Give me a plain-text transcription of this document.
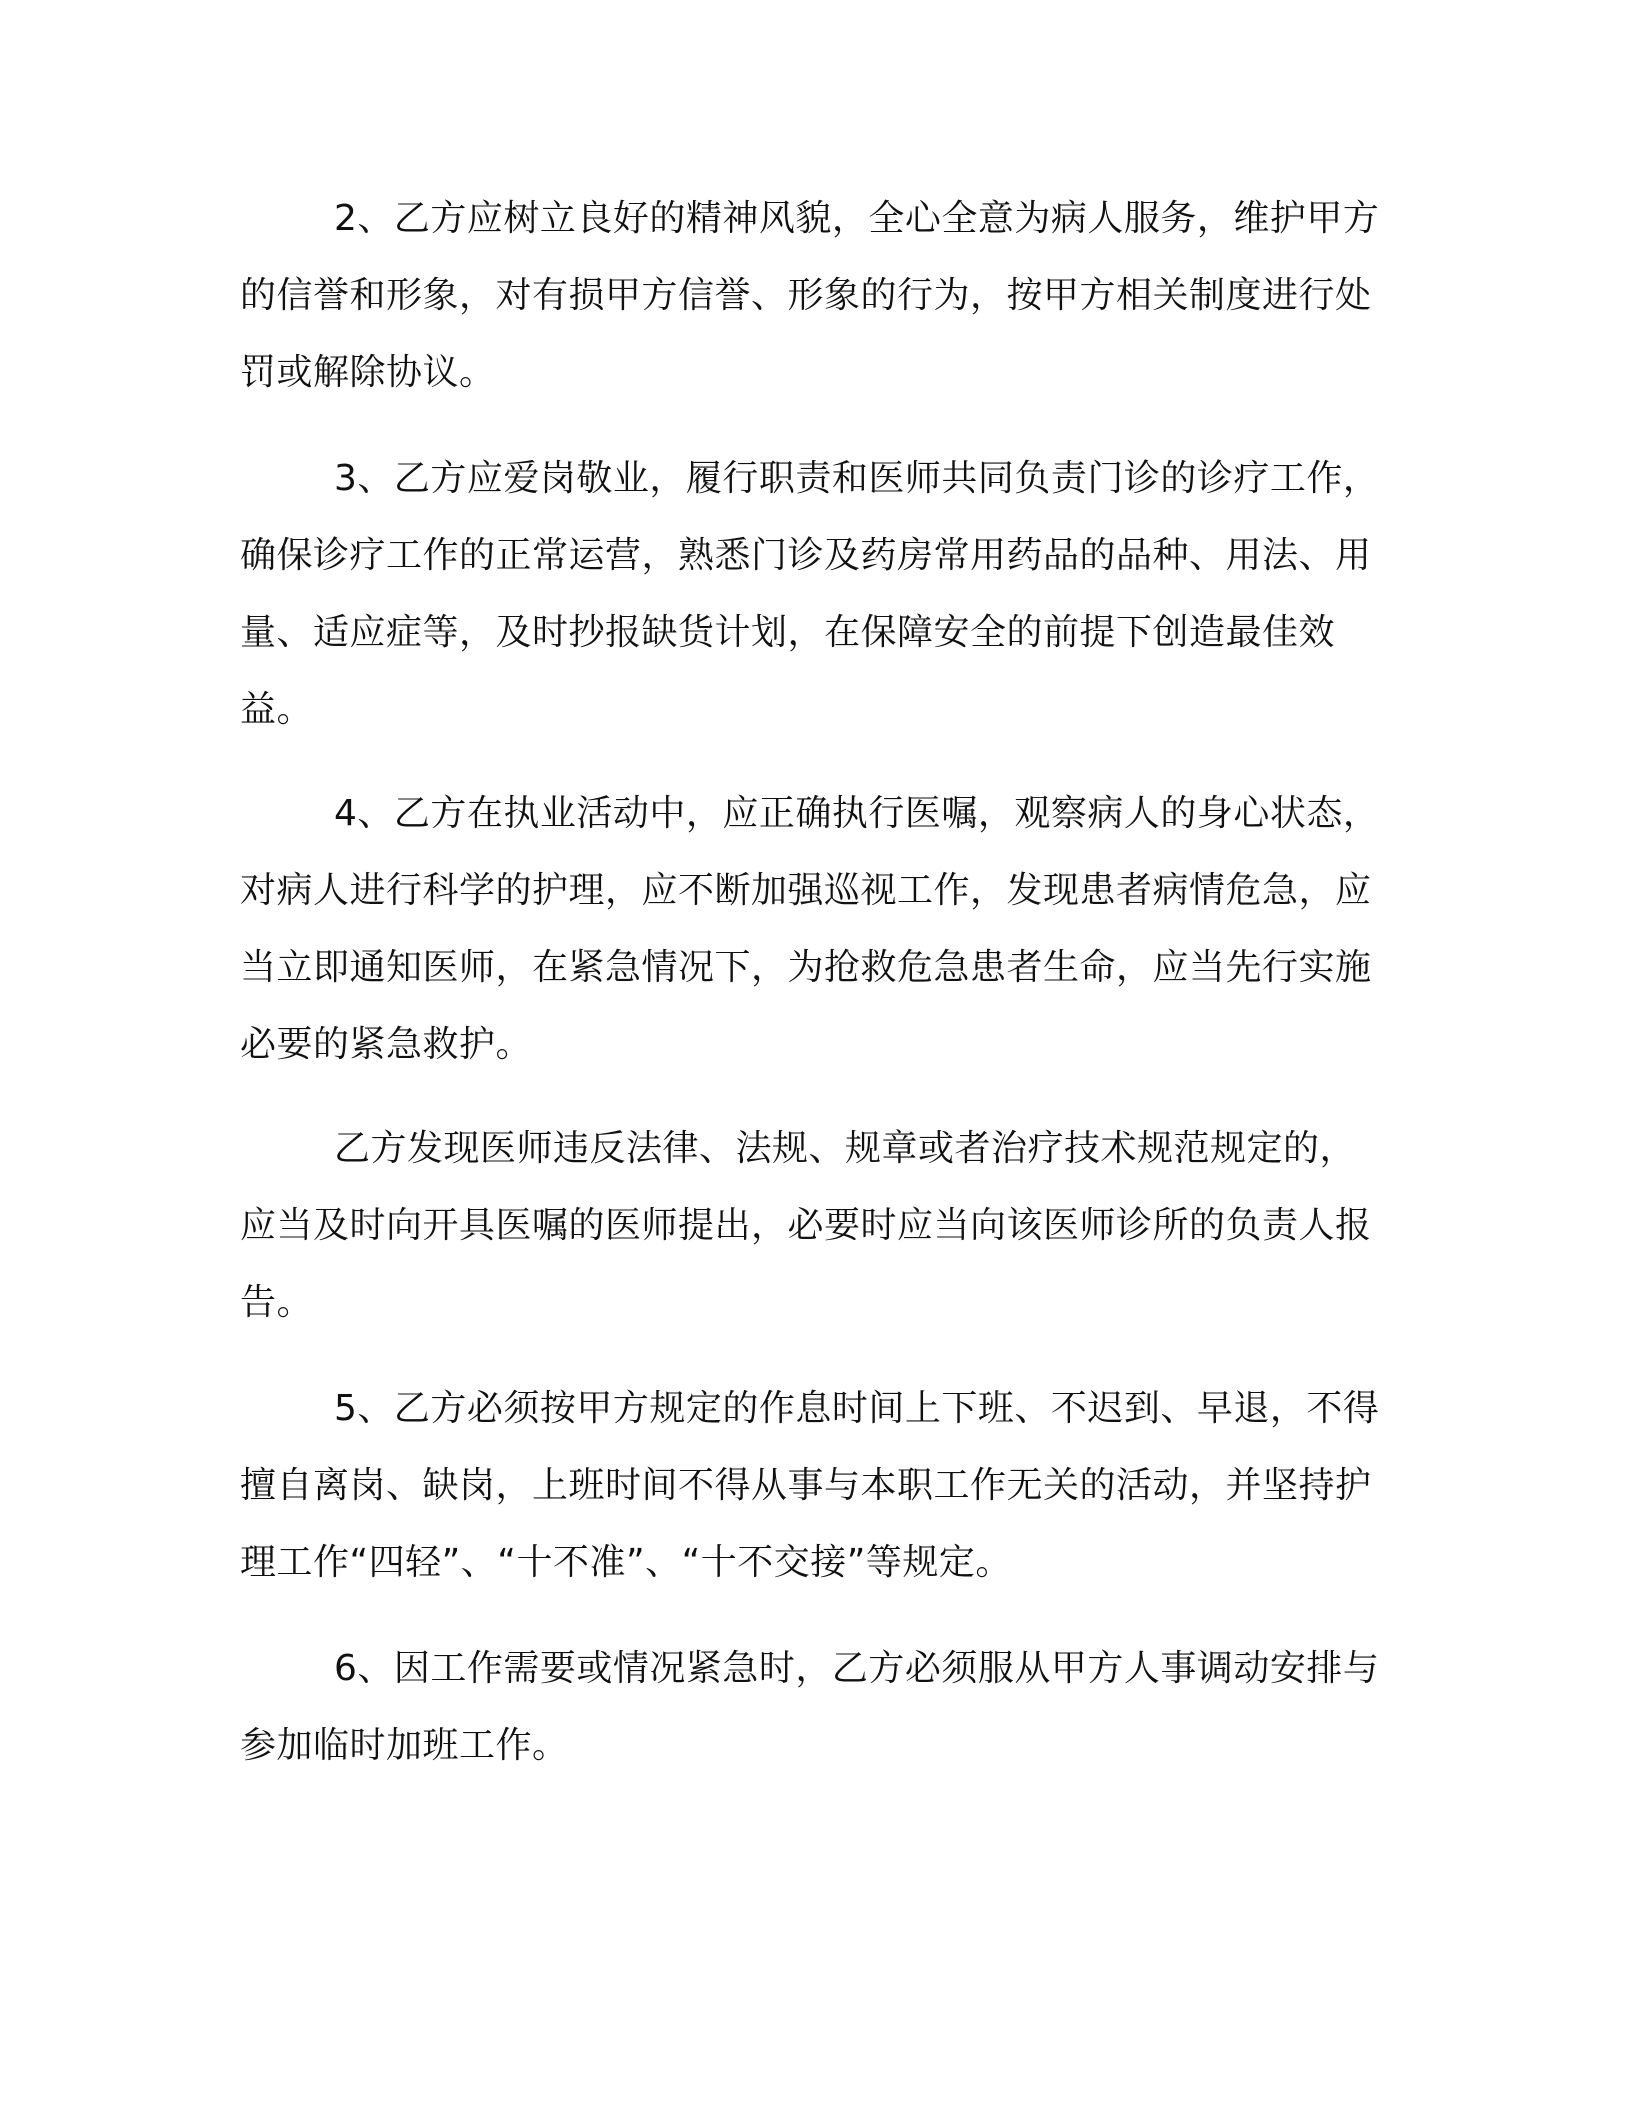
2、乙方应树立良好的精神风貌，全心全意为病人服务，维护甲方的信誉和形象，对有损甲方信誉、形象的行为，按甲方相关制度进行处罚或解除协议。

3、乙方应爱岗敬业，履行职责和医师共同负责门诊的诊疗工作，确保诊疗工作的正常运营，熟悉门诊及药房常用药品的品种、用法、用量、适应症等，及时抄报缺货计划，在保障安全的前提下创造最佳效益。

4、乙方在执业活动中，应正确执行医嘱，观察病人的身心状态，对病人进行科学的护理，应不断加强巡视工作，发现患者病情危急，应当立即通知医师，在紧急情况下，为抢救危急患者生命，应当先行实施必要的紧急救护。

乙方发现医师违反法律、法规、规章或者治疗技术规范规定的，应当及时向开具医嘱的医师提出，必要时应当向该医师诊所的负责人报告。

5、乙方必须按甲方规定的作息时间上下班、不迟到、早退，不得擅自离岗、缺岗，上班时间不得从事与本职工作无关的活动，并坚持护理工作“四轻”、“十不准”、“十不交接”等规定。

6、因工作需要或情况紧急时，乙方必须服从甲方人事调动安排与参加临时加班工作。
